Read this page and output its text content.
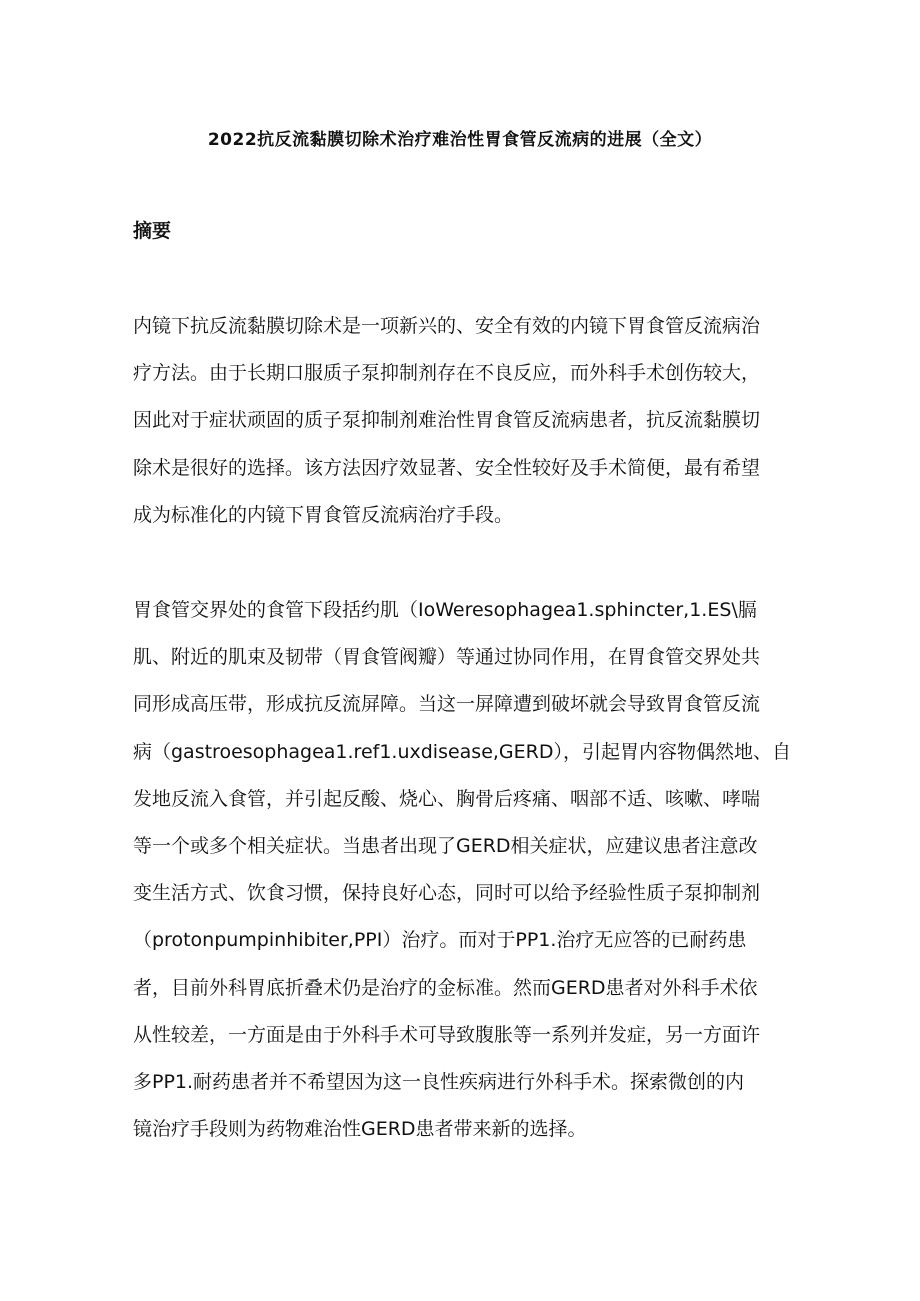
2022抗反流黏膜切除术治疗难治性胃食管反流病的进展（全文）
摘要

内镜下抗反流黏膜切除术是一项新兴的、安全有效的内镜下胃食管反流病治
疗方法。由于长期口服质子泵抑制剂存在不良反应，而外科手术创伤较大，
因此对于症状顽固的质子泵抑制剂难治性胃食管反流病患者，抗反流黏膜切
除术是很好的选择。该方法因疗效显著、安全性较好及手术简便，最有希望
成为标准化的内镜下胃食管反流病治疗手段。

胃食管交界处的食管下段括约肌（IoWeresophagea1.sphincter,1.ES\膈
肌、附近的肌束及韧带（胃食管阀瓣）等通过协同作用，在胃食管交界处共
同形成高压带，形成抗反流屏障。当这一屏障遭到破坏就会导致胃食管反流
病（gastroesophagea1.ref1.uxdisease,GERD），引起胃内容物偶然地、自
发地反流入食管，并引起反酸、烧心、胸骨后疼痛、咽部不适、咳嗽、哮喘
等一个或多个相关症状。当患者出现了GERD相关症状，应建议患者注意改
变生活方式、饮食习惯，保持良好心态，同时可以给予经验性质子泵抑制剂
（protonpumpinhibiter,PPI）治疗。而对于PP1.治疗无应答的已耐药患
者，目前外科胃底折叠术仍是治疗的金标准。然而GERD患者对外科手术依
从性较差，一方面是由于外科手术可导致腹胀等一系列并发症，另一方面许
多PP1.耐药患者并不希望因为这一良性疾病进行外科手术。探索微创的内
镜治疗手段则为药物难治性GERD患者带来新的选择。
